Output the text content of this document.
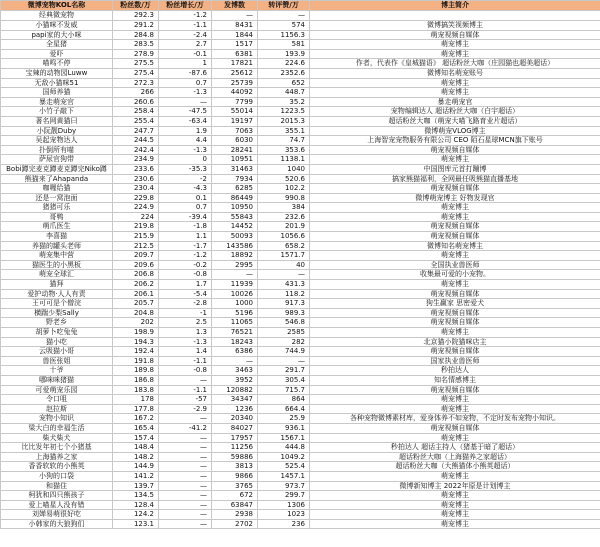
微博宠物KOL名称	粉丝数/万	粉丝增长/万	发博数	转评赞/万	博主简介
经典微宠物	292.3	-1.2	—	—	
小猫咪不发威	291.2	-1.1	8431	574	微博搞笑视频博主
papi家的大小咪	284.8	-2.4	1844	1156.3	萌宠视频自媒体
全星猪	283.5	2.7	1517	581	萌宠博主
爱吓	278.9	-0.1	6381	193.9	萌宠博主
喵鸣不停	275.5	1	17821	224.6	作者，代表作《皇城猫语》 超话粉丝大咖（庄园猫也超美超话）
宝辣的动物园Luww	275.4	-87.6	25612	2352.6	微博知名萌宠账号
无敌小猫咪51	272.3	0.7	25739	652	萌宠博主
国师养猫	266	-1.3	44092	448.7	萌宠博主
暴走萌宠官	260.6	—	7799	35.2	暴走萌宠官
小竹子敲下	258.4	-47.5	55014	1223.5	宠物编辑达人 超话粉丝大咖（白宇超话）
著名网黄猫曰	255.4	-63.4	19197	2015.3	超话粉丝大咖（萌宠大喵飞路育业片超话）
小阮靓Duby	247.7	1.9	7063	355.1	微博萌宠VLOG博主
吴起宠物达人	244.5	4.4	6030	74.7	上海智宠宠物服务有限公司 CEO 陌石星球MCN旗下账号
扑倒所有喵	242.4	-1.3	28241	353.6	萌宠视频自媒体
萨尿官狗带	234.9	0	10951	1138.1	萌宠博主
Bobi蹲完麦克蹲麦克蹲完Niko蹲	233.6	-35.3	31463	1040	中国图库元首打蹦博
熊猫来了Ahapanda	230.6	-2	7934	520.6	搞家熊猫福利，全网最任吸熊猫直播基地
咖喱给猫	230.4	-4.3	6285	102.2	萌宠视频自媒体
还是一窝泡面	229.8	0.1	86449	990.8	微博萌宠博主 好物发现官
猪猪可乐	224.9	0.7	10950	384	萌宠博主
哥鸭	224	-39.4	55843	232.6	萌宠博主
萌爪医生	219.8	-1.8	14452	201.9	萌宠视频自媒体
李喜猫	215.9	1.1	50093	1056.6	萌宠视频自媒体
养猫的罐头老师	212.5	-1.7	143586	658.2	微博知名萌宠博主
萌宠集中营	209.7	-1.2	18892	1571.7	萌宠博主
猫医生的小黑板	209.6	-0.2	2995	40	全国执业兽医师
萌宠全球汇	206.8	-0.8	—	—	收集最可爱的小宠物。
猫拜	206.2	1.7	11939	431.3	萌宠博主
爱护动物·人人有责	206.1	-5.4	10026	118.2	萌宠视频自媒体
王可可是个僧浣	205.7	-2.8	1000	917.3	狗生赢家 思密爱犬
横踹少梨Sally	204.8	-1	5196	989.3	萌宠视频自媒体
野老乡	202	2.5	11065	546.8	萌宠视频自媒体
胡萝卜吃兔兔	198.9	1.3	76521	2585	萌宠博主
猫小吃	194.3	-1.3	18243	282	北京猫小院猫咪店主
云吸猫小哥	192.4	1.4	6386	744.9	萌宠视频自媒体
兽医张姐	191.8	-1.1	—	—	国家执业兽医师
十爷	189.8	-0.8	3463	291.7	秒拍达人
哪咪咪猪猫	186.8	—	3952	305.4	知名情感博主
可爱萌宠乐园	183.8	-1.1	120882	715.7	萌宠视频自媒体
令口咀	178	-57	34347	864	萌宠博主
赵拉斯	177.8	-2.9	1236	664.4	萌宠博主
宠物小知识	167.2	—	20340	25.9	各种宠物微博素材库，爱身体养不如宠物，不定时发布宠物小知识。
梁大白的幸福生活	165.4	-41.2	84027	936.1	萌宠视频自媒体
柴犬柴犬	157.4	—	17957	1567.1	萌宠博主
比比发年初七个小猪基	148.4	—	11256	444.8	秒拍达人 超话主持人（猪基于暗了超话）
上海猫养之家	148.2	—	59886	1049.2	超话粉丝大咖（上海猫养之家超话）
香香软软的小熊英	144.9	—	3813	525.4	超话粉丝大咖（大熊猫体小熊英超话）
小狗的口袋	141.2	—	9866	1457.1	萌宠博主
和猫住	139.7	—	3765	973.7	微博新知博主 2022年原是计划博主
柯犹和四只熊孩子	134.5	—	672	299.7	萌宠博主
爱上喵星人没有错	128.4	—	63847	1306	萌宠博主
刘婵易萌很好吃	124.2	—	2938	1023	萌宠博主
小韩家的大狼狗们	123.1	—	2702	236	萌宠博主
